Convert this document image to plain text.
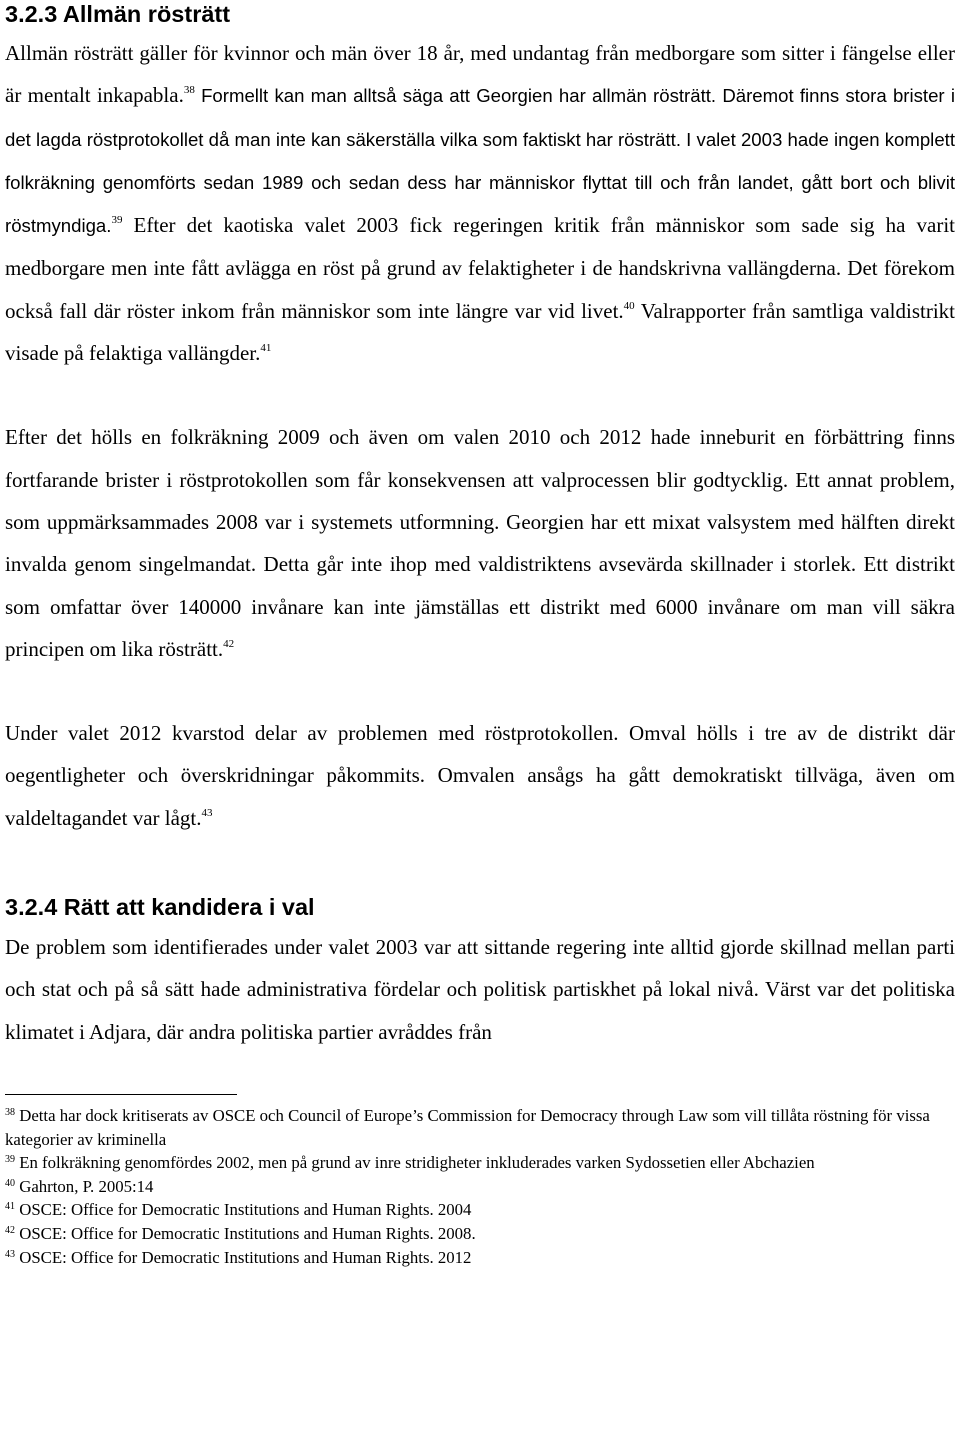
3.2.3 Allmän rösträtt

Allmän rösträtt gäller för kvinnor och män över 18 år, med undantag från medborgare som sitter i fängelse eller är mentalt inkapabla.$^{38}$ Formellt kan man alltså säga att Georgien har allmän rösträtt. Däremot finns stora brister i det lagda röstprotokollet då man inte kan säkerställa vilka som faktiskt har rösträtt. I valet 2003 hade ingen komplett folkräkning genomförts sedan 1989 och sedan dess har människor flyttat till och från landet, gått bort och blivit röstmyndiga.$^{39}$ Efter det kaotiska valet 2003 fick regeringen kritik från människor som sade sig ha varit medborgare men inte fått avlägga en röst på grund av felaktigheter i de handskrivna vallängderna. Det förekom också fall där röster inkom från människor som inte längre var vid livet.$^{40}$ Valrapporter från samtliga valdistrikt visade på felaktiga vallängder.$^{41}$

Efter det hölls en folkräkning 2009 och även om valen 2010 och 2012 hade inneburit en förbättring finns fortfarande brister i röstprotokollen som får konsekvensen att valprocessen blir godtycklig. Ett annat problem, som uppmärksammades 2008 var i systemets utformning. Georgien har ett mixat valsystem med hälften direkt invalda genom singelmandat. Detta går inte ihop med valdistriktens avsevärda skillnader i storlek. Ett distrikt som omfattar över 140000 invånare kan inte jämställas ett distrikt med 6000 invånare om man vill säkra principen om lika rösträtt.$^{42}$

Under valet 2012 kvarstod delar av problemen med röstprotokollen. Omval hölls i tre av de distrikt där oegentligheter och överskridningar påkommits. Omvalen ansågs ha gått demokratiskt tillväga, även om valdeltagandet var lågt.$^{43}$

3.2.4 Rätt att kandidera i val

De problem som identifierades under valet 2003 var att sittande regering inte alltid gjorde skillnad mellan parti och stat och på så sätt hade administrativa fördelar och politisk partiskhet på lokal nivå. Värst var det politiska klimatet i Adjara, där andra politiska partier avråddes från

$^{38}$ Detta har dock kritiserats av OSCE och Council of Europe’s Commission for Democracy through Law som vill tillåta röstning för vissa kategorier av kriminella
$^{39}$ En folkräkning genomfördes 2002, men på grund av inre stridigheter inkluderades varken Sydossetien eller Abchazien
$^{40}$ Gahrton, P. 2005:14
$^{41}$ OSCE: Office for Democratic Institutions and Human Rights. 2004
$^{42}$ OSCE: Office for Democratic Institutions and Human Rights. 2008.
$^{43}$ OSCE: Office for Democratic Institutions and Human Rights. 2012
